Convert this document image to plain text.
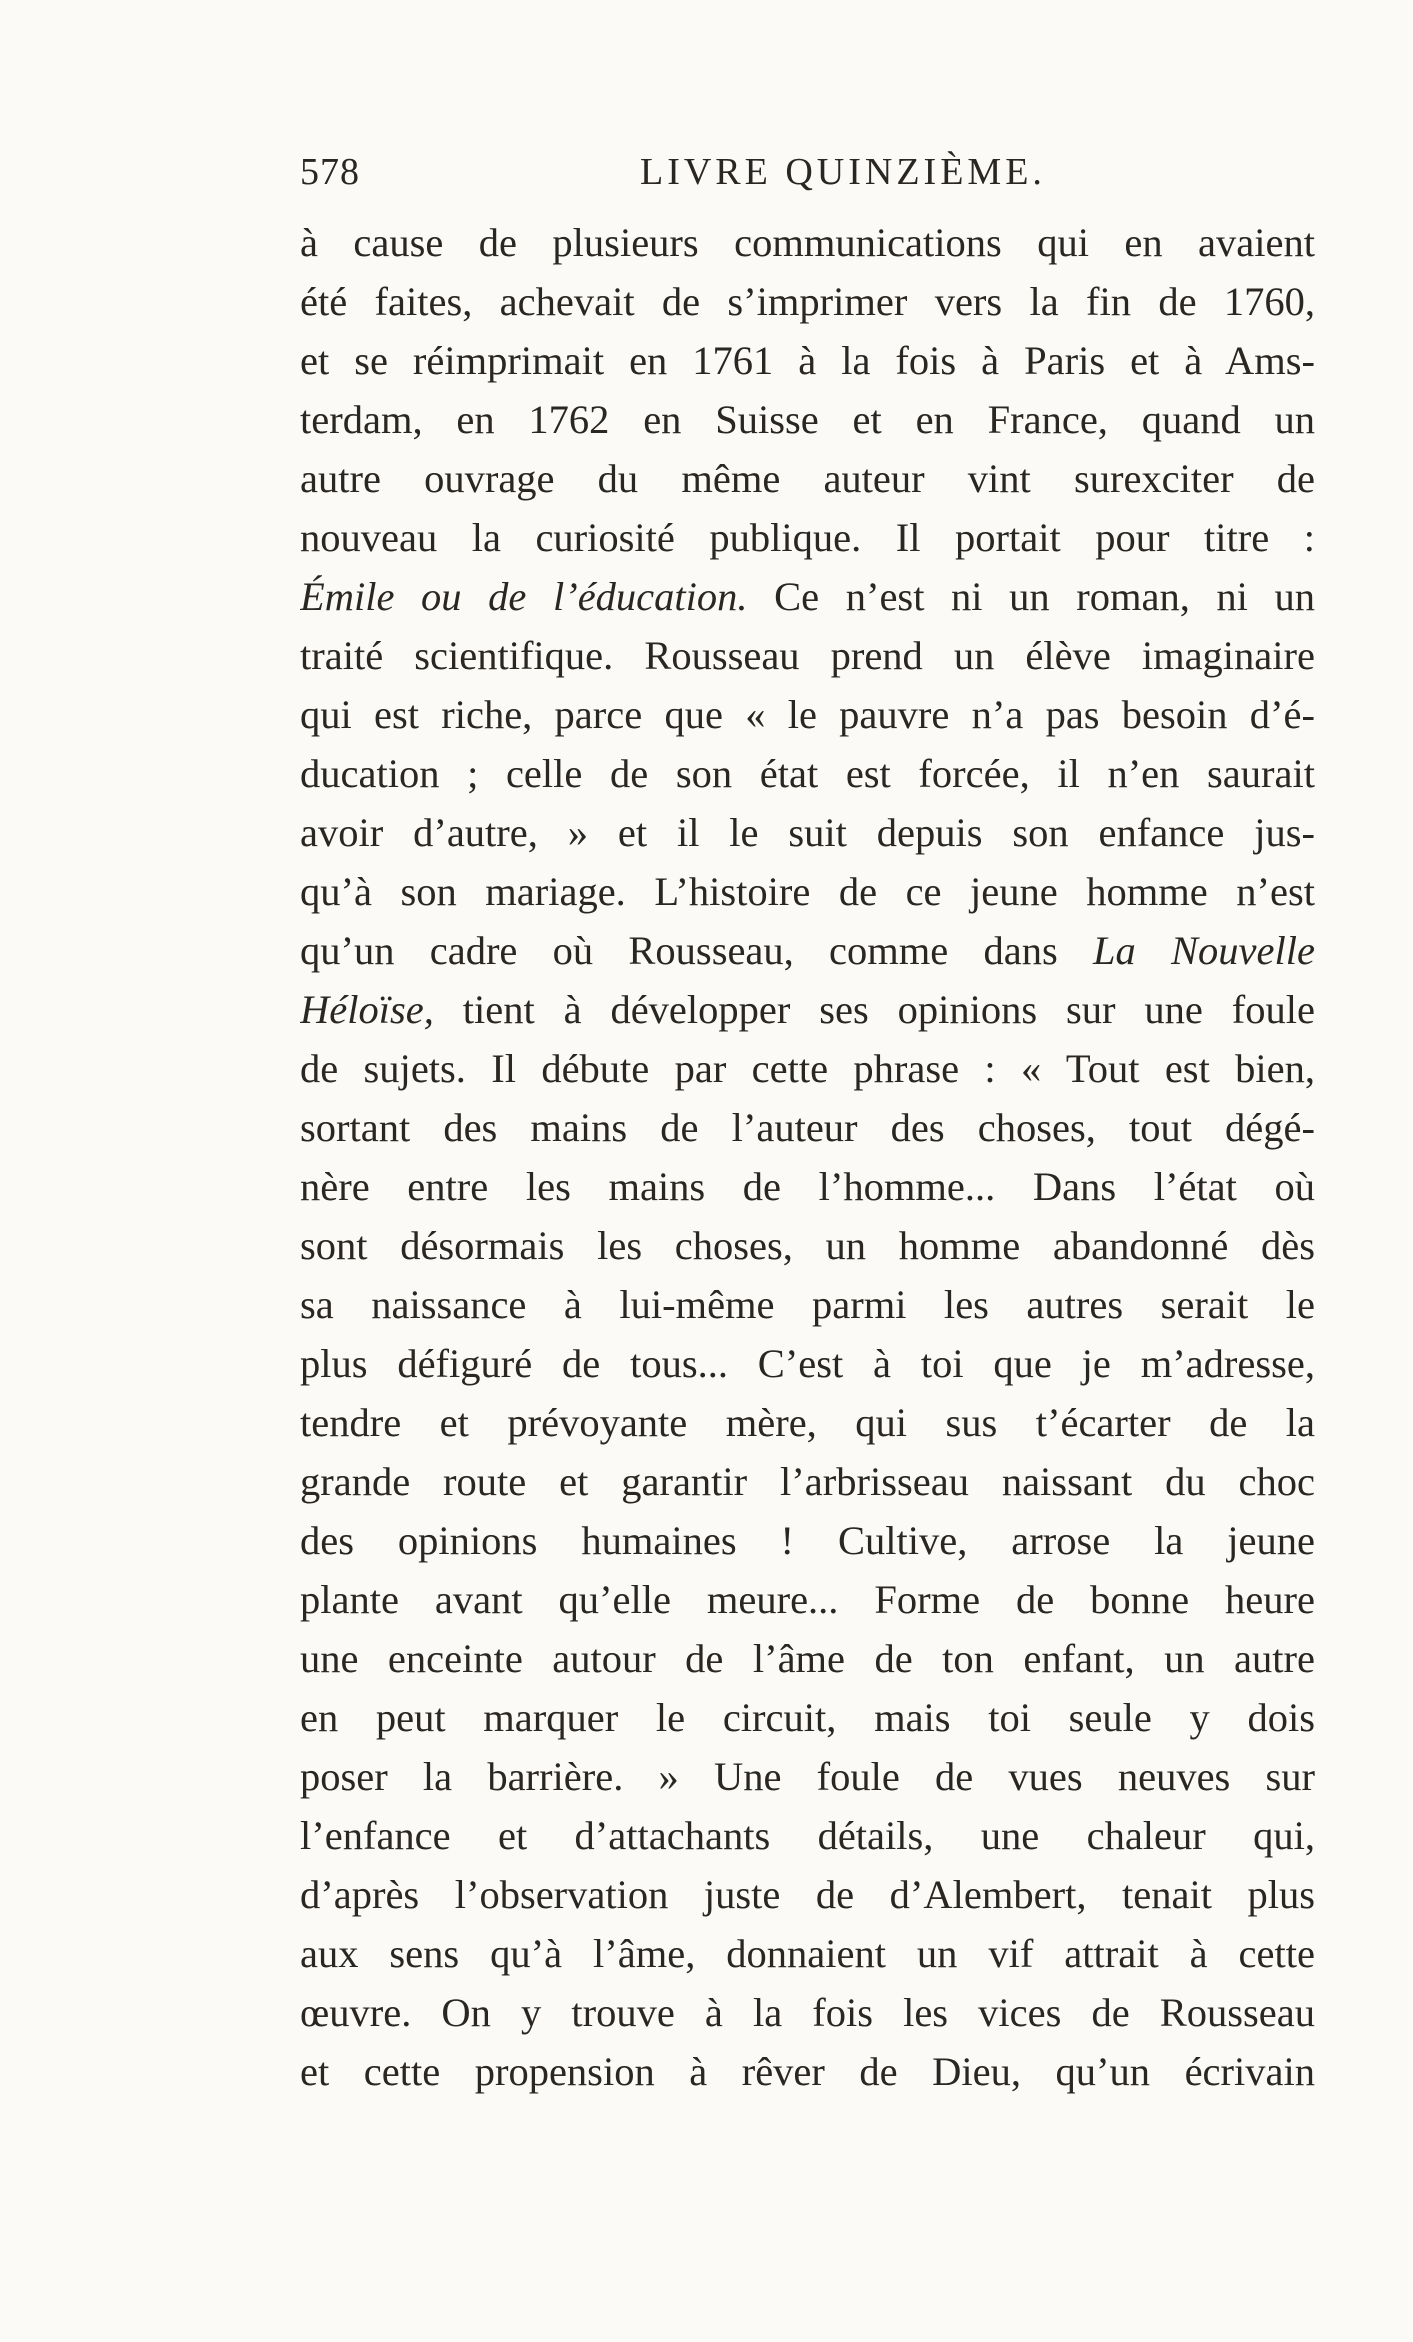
578	LIVRE QUINZIÈME.
à cause de plusieurs communications qui en avaient
été faites, achevait de s’imprimer vers la fin de 1760,
et se réimprimait en 1761 à la fois à Paris et à Ams-
terdam, en 1762 en Suisse et en France, quand un
autre ouvrage du même auteur vint surexciter de
nouveau la curiosité publique. Il portait pour titre :
Émile ou de l’éducation. Ce n’est ni un roman, ni un
traité scientifique. Rousseau prend un élève imaginaire
qui est riche, parce que « le pauvre n’a pas besoin d’é-
ducation ; celle de son état est forcée, il n’en saurait
avoir d’autre, » et il le suit depuis son enfance jus-
qu’à son mariage. L’histoire de ce jeune homme n’est
qu’un cadre où Rousseau, comme dans La Nouvelle
Héloïse, tient à développer ses opinions sur une foule
de sujets. Il débute par cette phrase : « Tout est bien,
sortant des mains de l’auteur des choses, tout dégé-
nère entre les mains de l’homme... Dans l’état où
sont désormais les choses, un homme abandonné dès
sa naissance à lui-même parmi les autres serait le
plus défiguré de tous... C’est à toi que je m’adresse,
tendre et prévoyante mère, qui sus t’écarter de la
grande route et garantir l’arbrisseau naissant du choc
des opinions humaines ! Cultive, arrose la jeune
plante avant qu’elle meure... Forme de bonne heure
une enceinte autour de l’âme de ton enfant, un autre
en peut marquer le circuit, mais toi seule y dois
poser la barrière. » Une foule de vues neuves sur
l’enfance et d’attachants détails, une chaleur qui,
d’après l’observation juste de d’Alembert, tenait plus
aux sens qu’à l’âme, donnaient un vif attrait à cette
œuvre. On y trouve à la fois les vices de Rousseau
et cette propension à rêver de Dieu, qu’un écrivain
